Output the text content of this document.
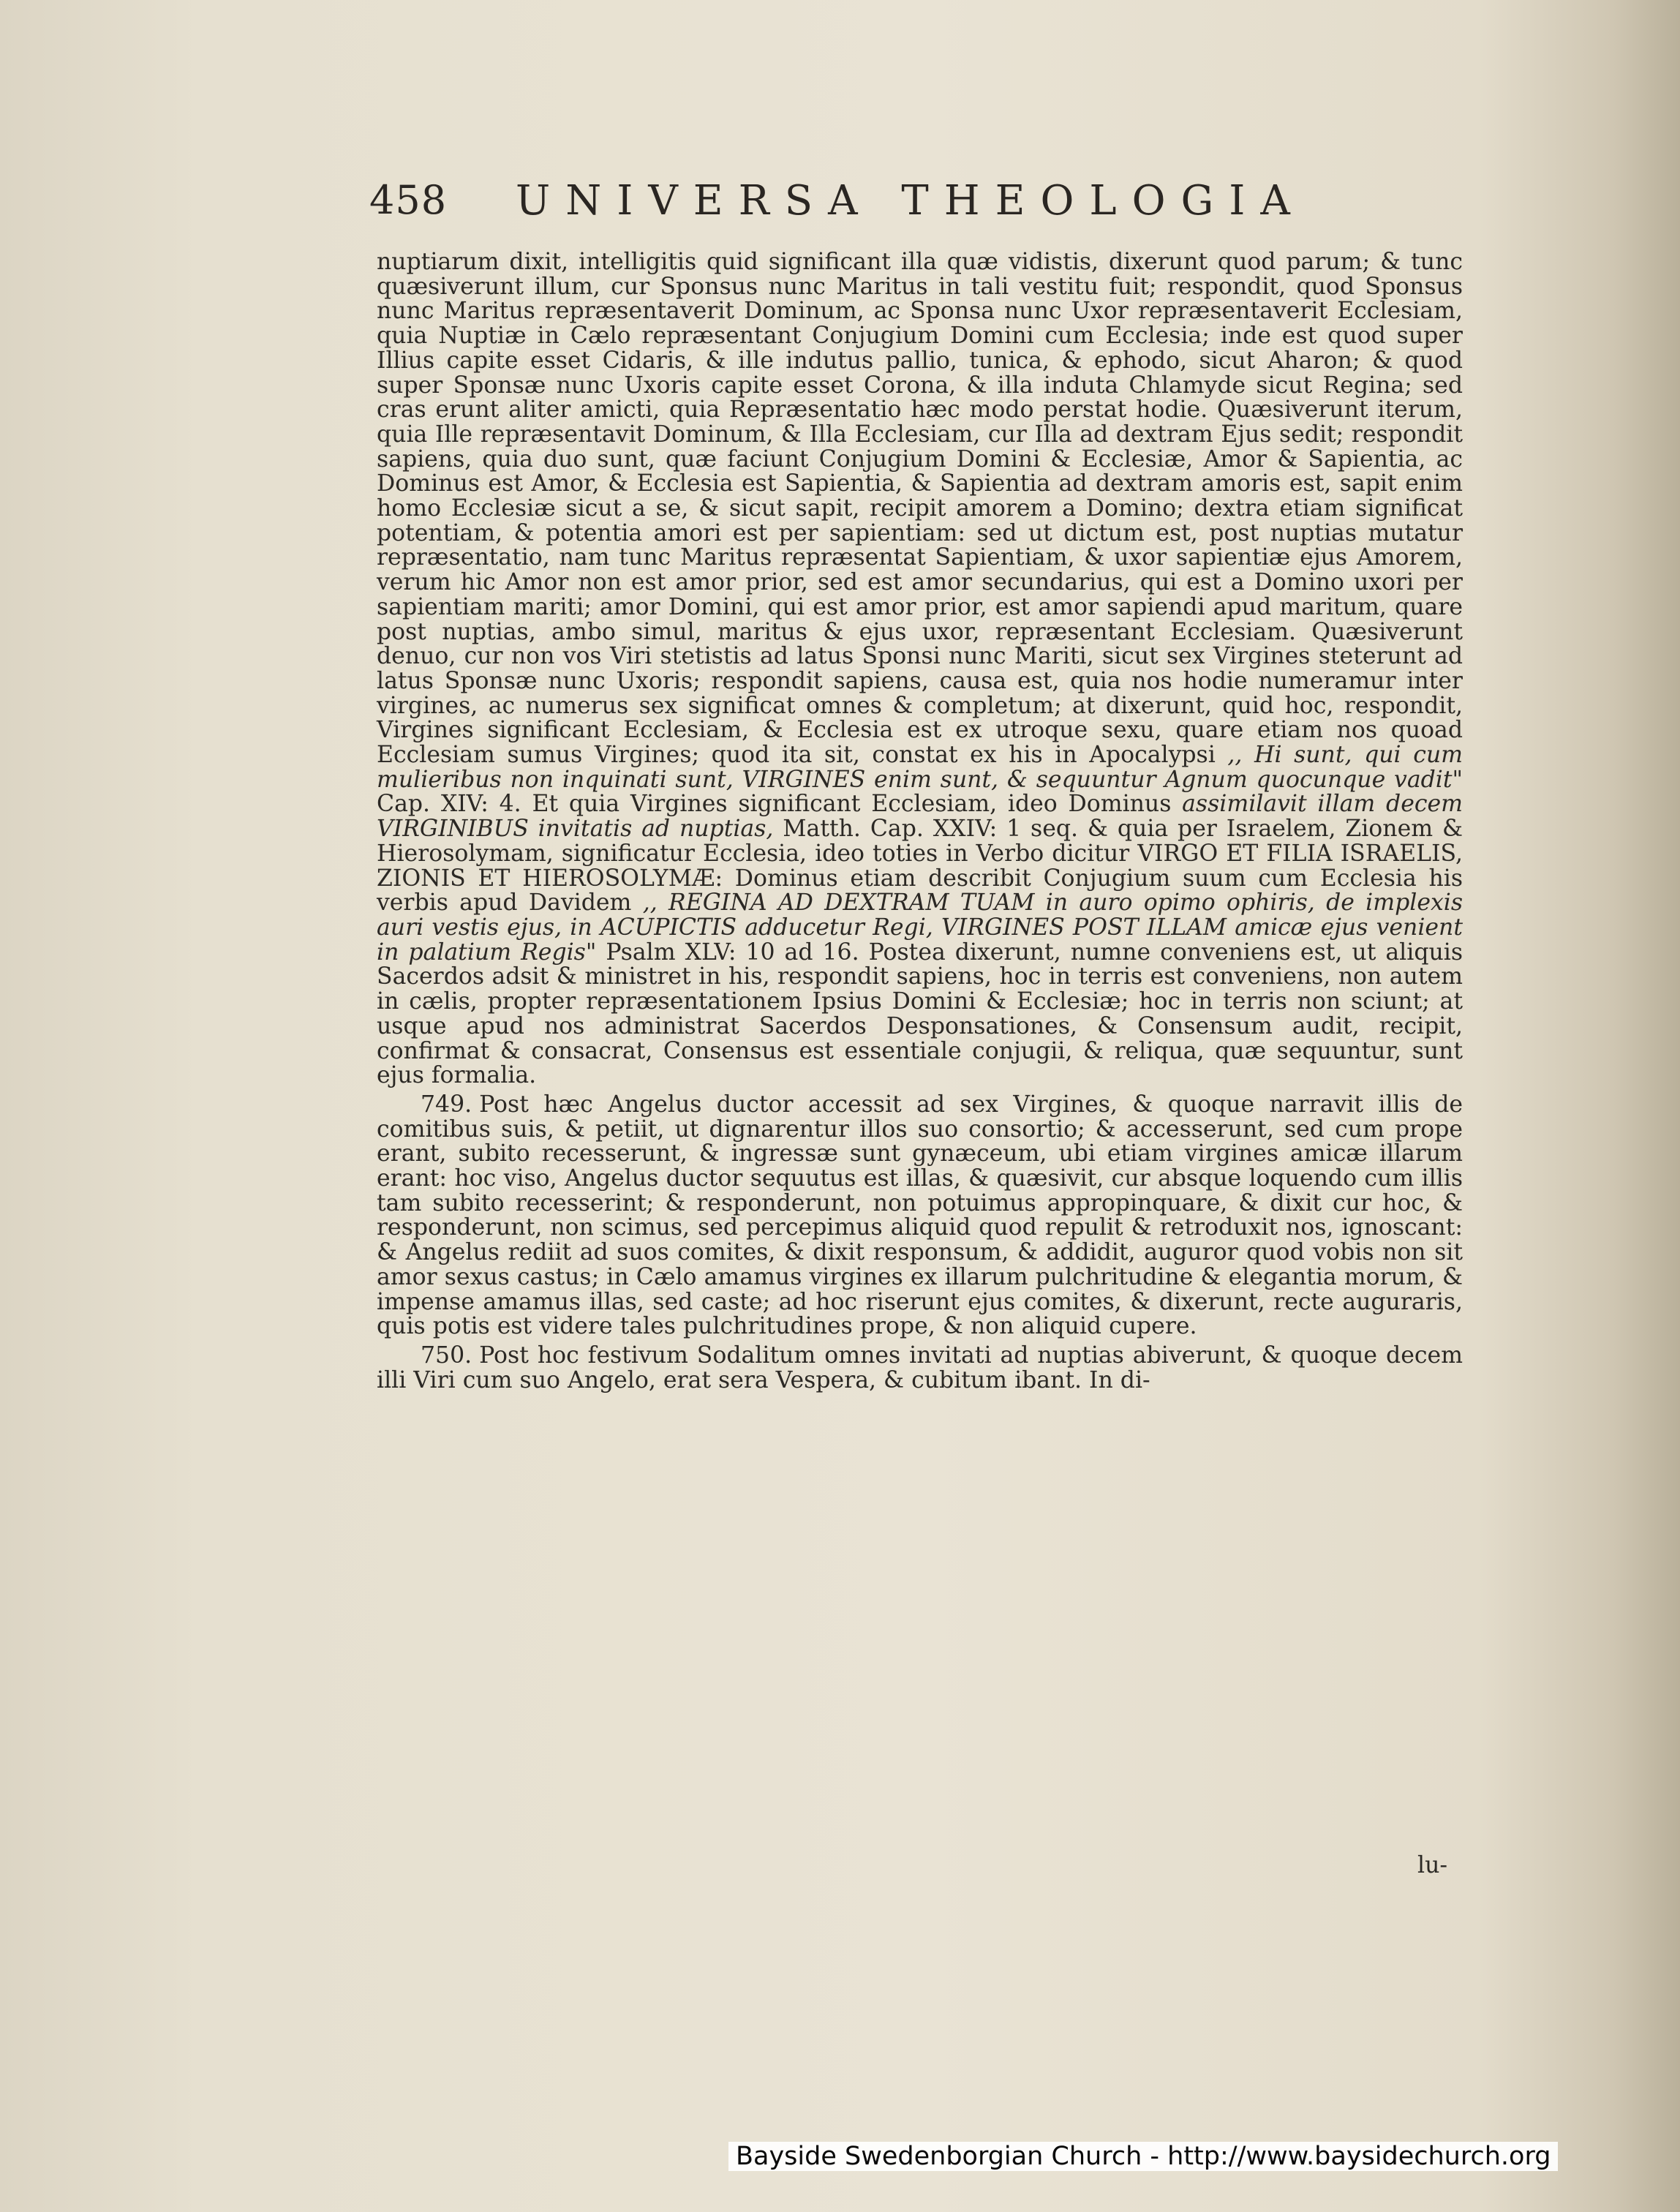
458 UNIVERSA THEOLOGIA

nuptiarum dixit, intelligitis quid significant illa quæ vidistis, dixerunt quod parum; & tunc quæsiverunt illum, cur Sponsus nunc Maritus in tali vestitu fuit; respondit, quod Sponsus nunc Maritus repræsentaverit Dominum, ac Sponsa nunc Uxor repræsentaverit Ecclesiam, quia Nuptiæ in Cælo repræsentant Conjugium Domini cum Ecclesia; inde est quod super Illius capite esset Cidaris, & ille indutus pallio, tunica, & ephodo, sicut Aharon; & quod super Sponsæ nunc Uxoris capite esset Corona, & illa induta Chlamyde sicut Regina; sed cras erunt aliter amicti, quia Repræsentatio hæc modo perstat hodie. Quæsiverunt iterum, quia Ille repræsentavit Dominum, & Illa Ecclesiam, cur Illa ad dextram Ejus sedit; respondit sapiens, quia duo sunt, quæ faciunt Conjugium Domini & Ecclesiæ, Amor & Sapientia, ac Dominus est Amor, & Ecclesia est Sapientia, & Sapientia ad dextram amoris est, sapit enim homo Ecclesiæ sicut a se, & sicut sapit, recipit amorem a Domino; dextra etiam significat potentiam, & potentia amori est per sapientiam: sed ut dictum est, post nuptias mutatur repræsentatio, nam tunc Maritus repræsentat Sapientiam, & uxor sapientiæ ejus Amorem, verum hic Amor non est amor prior, sed est amor secundarius, qui est a Domino uxori per sapientiam mariti; amor Domini, qui est amor prior, est amor sapiendi apud maritum, quare post nuptias, ambo simul, maritus & ejus uxor, repræsentant Ecclesiam. Quæsiverunt denuo, cur non vos Viri stetistis ad latus Sponsi nunc Mariti, sicut sex Virgines steterunt ad latus Sponsæ nunc Uxoris; respondit sapiens, causa est, quia nos hodie numeramur inter virgines, ac numerus sex significat omnes & completum; at dixerunt, quid hoc, respondit, Virgines significant Ecclesiam, & Ecclesia est ex utroque sexu, quare etiam nos quoad Ecclesiam sumus Virgines; quod ita sit, constat ex his in Apocalypsi ,, Hi sunt, qui cum mulieribus non inquinati sunt, VIRGINES enim sunt, & sequuntur Agnum quocunque vadit" Cap. XIV: 4. Et quia Virgines significant Ecclesiam, ideo Dominus assimilavit illam decem VIRGINIBUS invitatis ad nuptias, Matth. Cap. XXIV: 1 seq. & quia per Israelem, Zionem & Hierosolymam, significatur Ecclesia, ideo toties in Verbo dicitur VIRGO ET FILIA ISRAELIS, ZIONIS ET HIEROSOLYMÆ: Dominus etiam describit Conjugium suum cum Ecclesia his verbis apud Davidem ,, REGINA AD DEXTRAM TUAM in auro opimo ophiris, de implexis auri vestis ejus, in ACUPICTIS adducetur Regi, VIRGINES POST ILLAM amicæ ejus venient in palatium Regis" Psalm XLV: 10 ad 16. Postea dixerunt, numne conveniens est, ut aliquis Sacerdos adsit & ministret in his, respondit sapiens, hoc in terris est conveniens, non autem in cælis, propter repræsentationem Ipsius Domini & Ecclesiæ; hoc in terris non sciunt; at usque apud nos administrat Sacerdos Desponsationes, & Consensum audit, recipit, confirmat & consacrat, Consensus est essentiale conjugii, & reliqua, quæ sequuntur, sunt ejus formalia.

749. Post hæc Angelus ductor accessit ad sex Virgines, & quoque narravit illis de comitibus suis, & petiit, ut dignarentur illos suo consortio; & accesserunt, sed cum prope erant, subito recesserunt, & ingressæ sunt gynæceum, ubi etiam virgines amicæ illarum erant: hoc viso, Angelus ductor sequutus est illas, & quæsivit, cur absque loquendo cum illis tam subito recesserint; & responderunt, non potuimus appropinquare, & dixit cur hoc, & responderunt, non scimus, sed percepimus aliquid quod repulit & retroduxit nos, ignoscant: & Angelus rediit ad suos comites, & dixit responsum, & addidit, auguror quod vobis non sit amor sexus castus; in Cælo amamus virgines ex illarum pulchritudine & elegantia morum, & impense amamus illas, sed caste; ad hoc riserunt ejus comites, & dixerunt, recte auguraris, quis potis est videre tales pulchritudines prope, & non aliquid cupere.

750. Post hoc festivum Sodalitum omnes invitati ad nuptias abiverunt, & quoque decem illi Viri cum suo Angelo, erat sera Vespera, & cubitum ibant. In di-

lu-
Bayside Swedenborgian Church - http://www.baysidechurch.org
